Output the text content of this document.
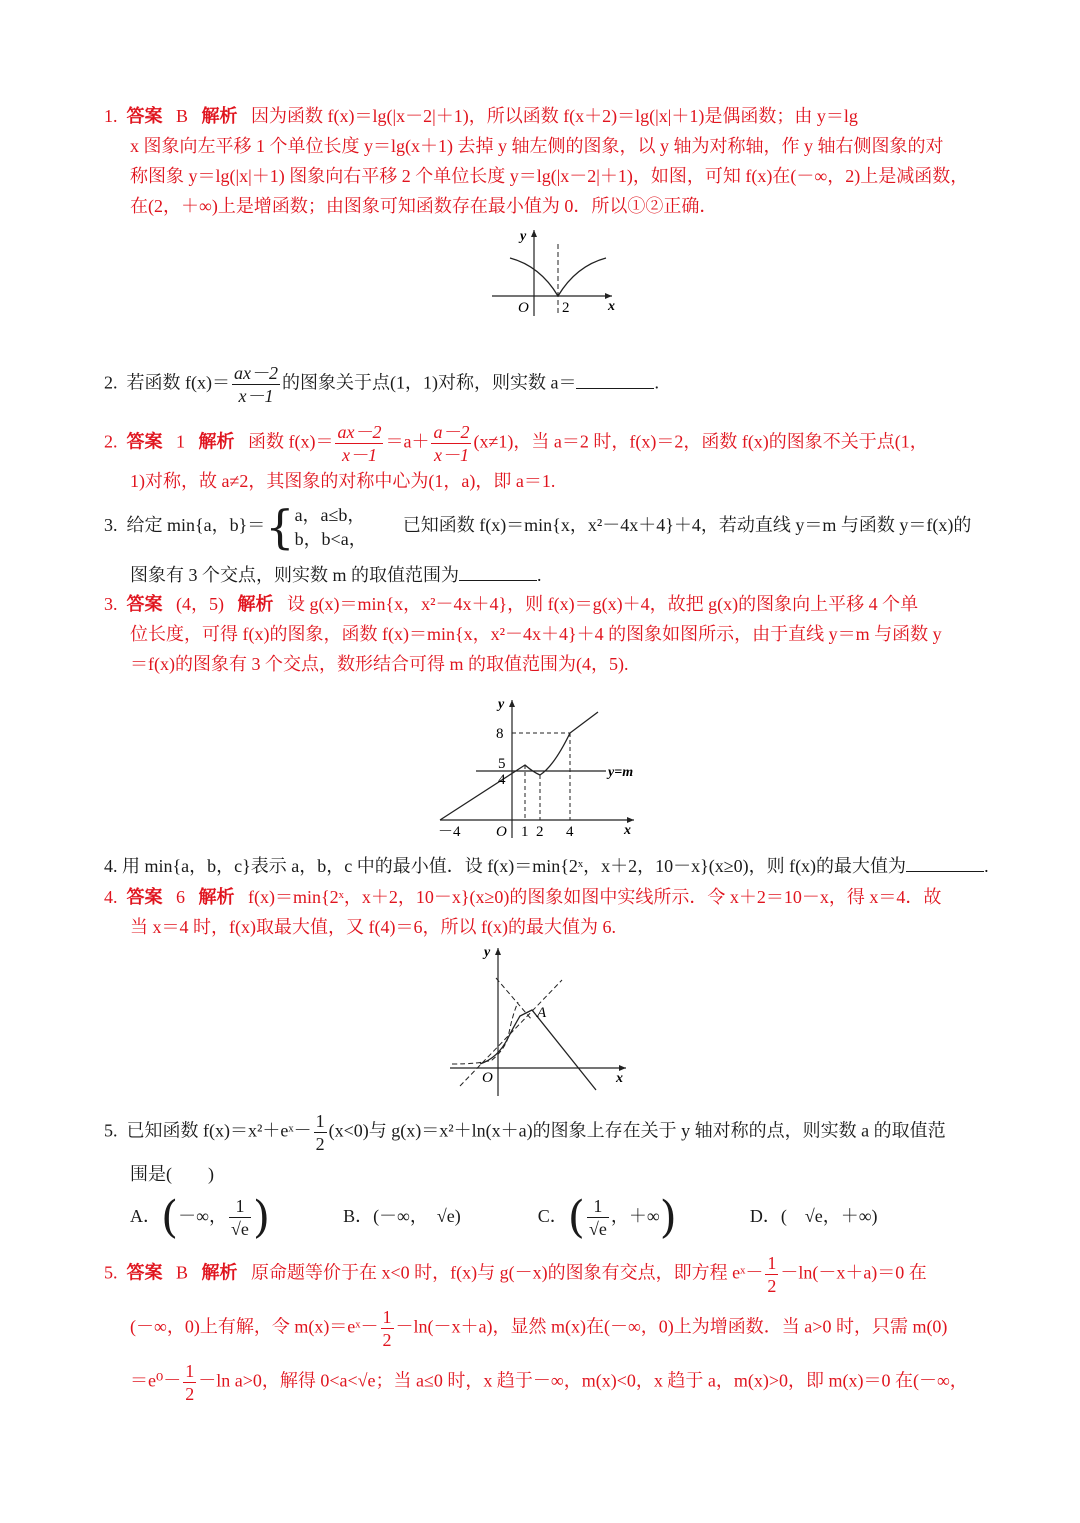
1. 答案 B 解析 因为函数 f(x)＝lg(|x－2|＋1)，所以函数 f(x＋2)＝lg(|x|＋1)是偶函数；由 y＝lg
x 图象向左平移 1 个单位长度 y＝lg(x＋1) 去掉 y 轴左侧的图象，以 y 轴为对称轴，作 y 轴右侧图象的对
称图象 y＝lg(|x|＋1) 图象向右平移 2 个单位长度 y＝lg(|x－2|＋1)，如图，可知 f(x)在(－∞，2)上是减函数，
在(2，＋∞)上是增函数；由图象可知函数存在最小值为 0．所以①②正确．
y
x
O 2
2. 若函数 $f(x)= \frac{ax-2}{x-1}$ 的图象关于点(1，1)对称，则实数 a＝	.
2. 答案 1 解析 函数 $f(x)= \frac{ax-2}{x-1} =a+ \frac{a-2}{x-1} (x\ne 1)$，当 a＝2 时，f(x)＝2，函数 f(x)的图象不关于点(1，
1)对称，故 a≠2，其图象的对称中心为(1，a)，即 a＝1.
3. 给定 min{a，b}＝{ a，a≤b，
b，b<a，
已知函数 f(x)＝min{x，x²－4x＋4}＋4，若动直线 y＝m 与函数 y＝f(x)的
图象有 3 个交点，则实数 m 的取值范围为	.
3. 答案 (4，5) 解析 设 g(x)＝min{x，x²－4x＋4}，则 f(x)＝g(x)＋4，故把 g(x)的图象向上平移 4 个单
位长度，可得 f(x)的图象，函数 f(x)＝min{x，x²－4x＋4}＋4 的图象如图所示，由于直线 y＝m 与函数 y
＝f(x)的图象有 3 个交点，数形结合可得 m 的取值范围为(4，5).
y
x
8
5
4
－4 O 1 2 4
y=m
4. 用 min{a，b，c}表示 a，b，c 中的最小值．设 f(x)＝min{2ˣ，x＋2，10－x}(x≥0)，则 f(x)的最大值为	.
4. 答案 6 解析 f(x)＝min{2ˣ，x＋2，10－x}(x≥0)的图象如图中实线所示．令 x＋2＝10－x，得 x＝4．故
当 x＝4 时，f(x)取最大值，又 f(4)＝6，所以 f(x)的最大值为 6.
y
x
O
A
5. 已知函数 f(x)＝x²＋eˣ－ $\frac{1}{2} (x<0)$与 g(x)＝x²＋ln(x＋a)的图象上存在关于 y 轴对称的点，则实数 a 的取值范
围是(　　)
A．(－∞， $\frac{1}{√e}$ )	B．(－∞，　√e)	C．( $\frac{1}{√e}$ ，＋∞)	D．(　√e，＋∞)
5. 答案 B 解析 原命题等价于在 x<0 时，f(x)与 g(－x)的图象有交点，即方程 eˣ－ $\frac{1}{2} -\ln(-x+a)=0$ 在
(－∞，0)上有解，令 m(x)＝eˣ－ $\frac{1}{2} -\ln(-x+a)$，显然 m(x)在(－∞，0)上为增函数．当 a>0 时，只需 m(0)
$=e^0- \frac{1}{2} -\ln$ a>0，解得 0<a<√e；当 a≤0 时，x 趋于－∞，m(x)<0，x 趋于 a，m(x)>0，即 m(x)＝0 在(－∞，
